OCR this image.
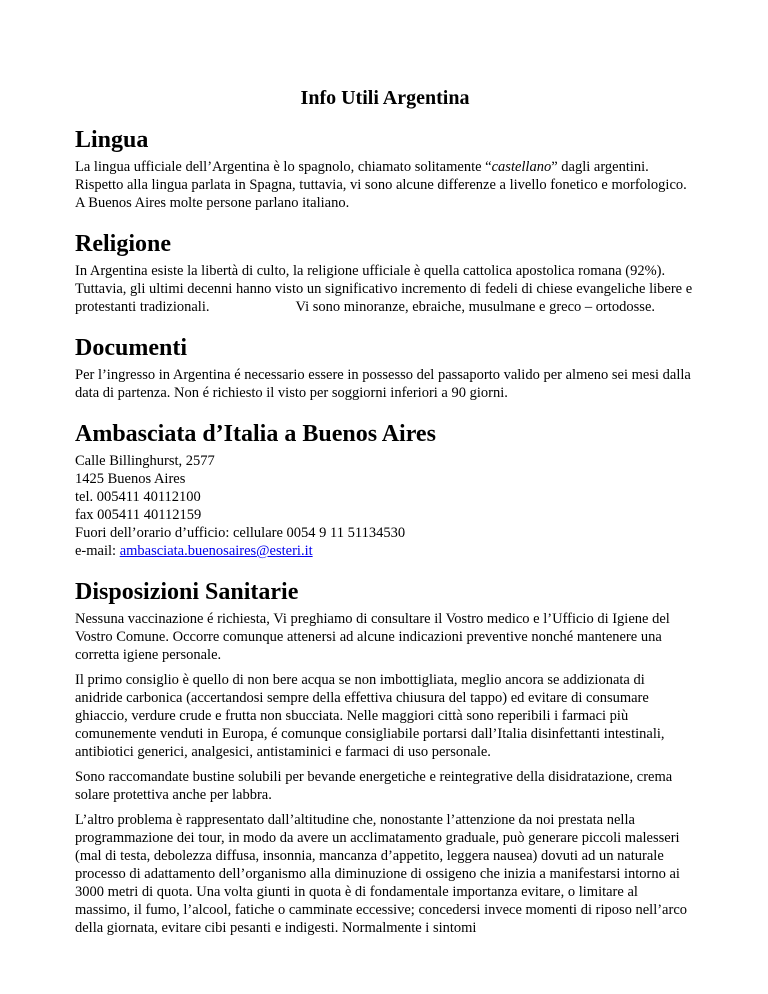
Info Utili Argentina
Lingua

La lingua ufficiale dell’Argentina è lo spagnolo, chiamato solitamente “castellano” dagli argentini. Rispetto alla lingua parlata in Spagna, tuttavia, vi sono alcune differenze a livello fonetico e morfologico. A Buenos Aires molte persone parlano italiano.

Religione

In Argentina esiste la libertà di culto, la religione ufficiale è quella cattolica apostolica romana (92%). Tuttavia, gli ultimi decenni hanno visto un significativo incremento di fedeli di chiese evangeliche libere e protestanti tradizionali.	Vi sono minoranze, ebraiche, musulmane e greco – ortodosse.

Documenti

Per l’ingresso in Argentina é necessario essere in possesso del passaporto valido per almeno sei mesi dalla data di partenza. Non é richiesto il visto per soggiorni inferiori a 90 giorni.

Ambasciata d’Italia a Buenos Aires
Calle Billinghurst, 2577
1425 Buenos Aires
tel. 005411 40112100
fax 005411 40112159
Fuori dell’orario d’ufficio: cellulare 0054 9 11 51134530
e-mail: ambasciata.buenosaires@esteri.it
Disposizioni Sanitarie

Nessuna vaccinazione é richiesta, Vi preghiamo di consultare il Vostro medico e l’Ufficio di Igiene del Vostro Comune. Occorre comunque attenersi ad alcune indicazioni preventive nonché mantenere una corretta igiene personale.

Il primo consiglio è quello di non bere acqua se non imbottigliata, meglio ancora se addizionata di anidride carbonica (accertandosi sempre della effettiva chiusura del tappo) ed evitare di consumare ghiaccio, verdure crude e frutta non sbucciata. Nelle maggiori città sono reperibili i farmaci più comunemente venduti in Europa, é comunque consigliabile portarsi dall’Italia disinfettanti intestinali, antibiotici generici, analgesici, antistaminici e farmaci di uso personale.

Sono raccomandate bustine solubili per bevande energetiche e reintegrative della disidratazione, crema solare protettiva anche per labbra.

L’altro problema è rappresentato dall’altitudine che, nonostante l’attenzione da noi prestata nella programmazione dei tour, in modo da avere un acclimatamento graduale, può generare piccoli malesseri (mal di testa, debolezza diffusa, insonnia, mancanza d’appetito, leggera nausea) dovuti ad un naturale processo di adattamento dell’organismo alla diminuzione di ossigeno che inizia a manifestarsi intorno ai 3000 metri di quota. Una volta giunti in quota è di fondamentale importanza evitare, o limitare al massimo, il fumo, l’alcool, fatiche o camminate eccessive; concedersi invece momenti di riposo nell’arco della giornata, evitare cibi pesanti e indigesti. Normalmente i sintomi
